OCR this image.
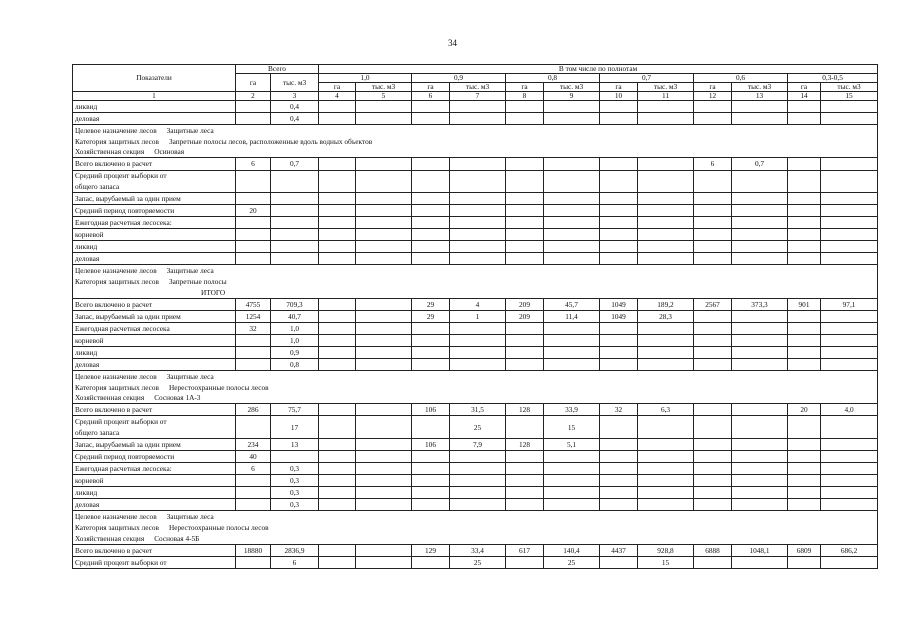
34
Показатели	Всего		В том числе по полнотам											
	га	тыс. м3	1,0		0,9		0,8		0,7		0,6		0,3-0,5	
			га	тыс. м3	га	тыс. м3	га	тыс. м3	га	тыс. м3	га	тыс. м3	га	тыс. м3
1	2	3	4	5	6	7	8	9	10	11	12	13	14	15
ликвид		0,4												
деловая		0,4												
Целевое назначение лесов Защитные леса														
Категория защитных лесов Запретные полосы лесов, расположенные вдоль водных объектов														
Хозяйственная секция Осиновая														
Всего включено в расчет	6	0,7									6	0,7		
Средний процент выборки от														
общего запаса														
Запас, вырубаемый за один прием														
Средний период повторяемости	20													
Ежегодная расчетная лесосека:														
корневой														
ликвид														
деловая														
Целевое назначение лесов Защитные леса														
Категория защитных лесов Запретные полосы														
ИТОГО														
Всего включено в расчет	4755	709,3			29	4	209	45,7	1049	189,2	2567	373,3	901	97,1
Запас, вырубаемый за один прием	1254	40,7			29	1	209	11,4	1049	28,3				
Ежегодная расчетная лесосека	32	1,0												
корневой		1,0												
ликвид		0,9												
деловая		0,8												
Целевое назначение лесов Защитные леса														
Категория защитных лесов Нерестоохранные полосы лесов														
Хозяйственная секция Сосновая 1А-3														
Всего включено в расчет	286	75,7			106	31,5	128	33,9	32	6,3			20	4,0
Средний процент выборки от		17				25		15						
общего запаса														
Запас, вырубаемый за один прием	234	13			106	7,9	128	5,1						
Средний период повторяемости	40													
Ежегодная расчетная лесосека:	6	0,3												
корневой		0,3												
ликвид		0,3												
деловая		0,3												
Целевое назначение лесов Защитные леса														
Категория защитных лесов Нерестоохранные полосы лесов														
Хозяйственная секция Сосновая 4-5Б														
Всего включено в расчет	18880	2836,9			129	33,4	617	140,4	4437	928,8	6888	1048,1	6809	686,2
Средний процент выборки от		6				25		25		15				
